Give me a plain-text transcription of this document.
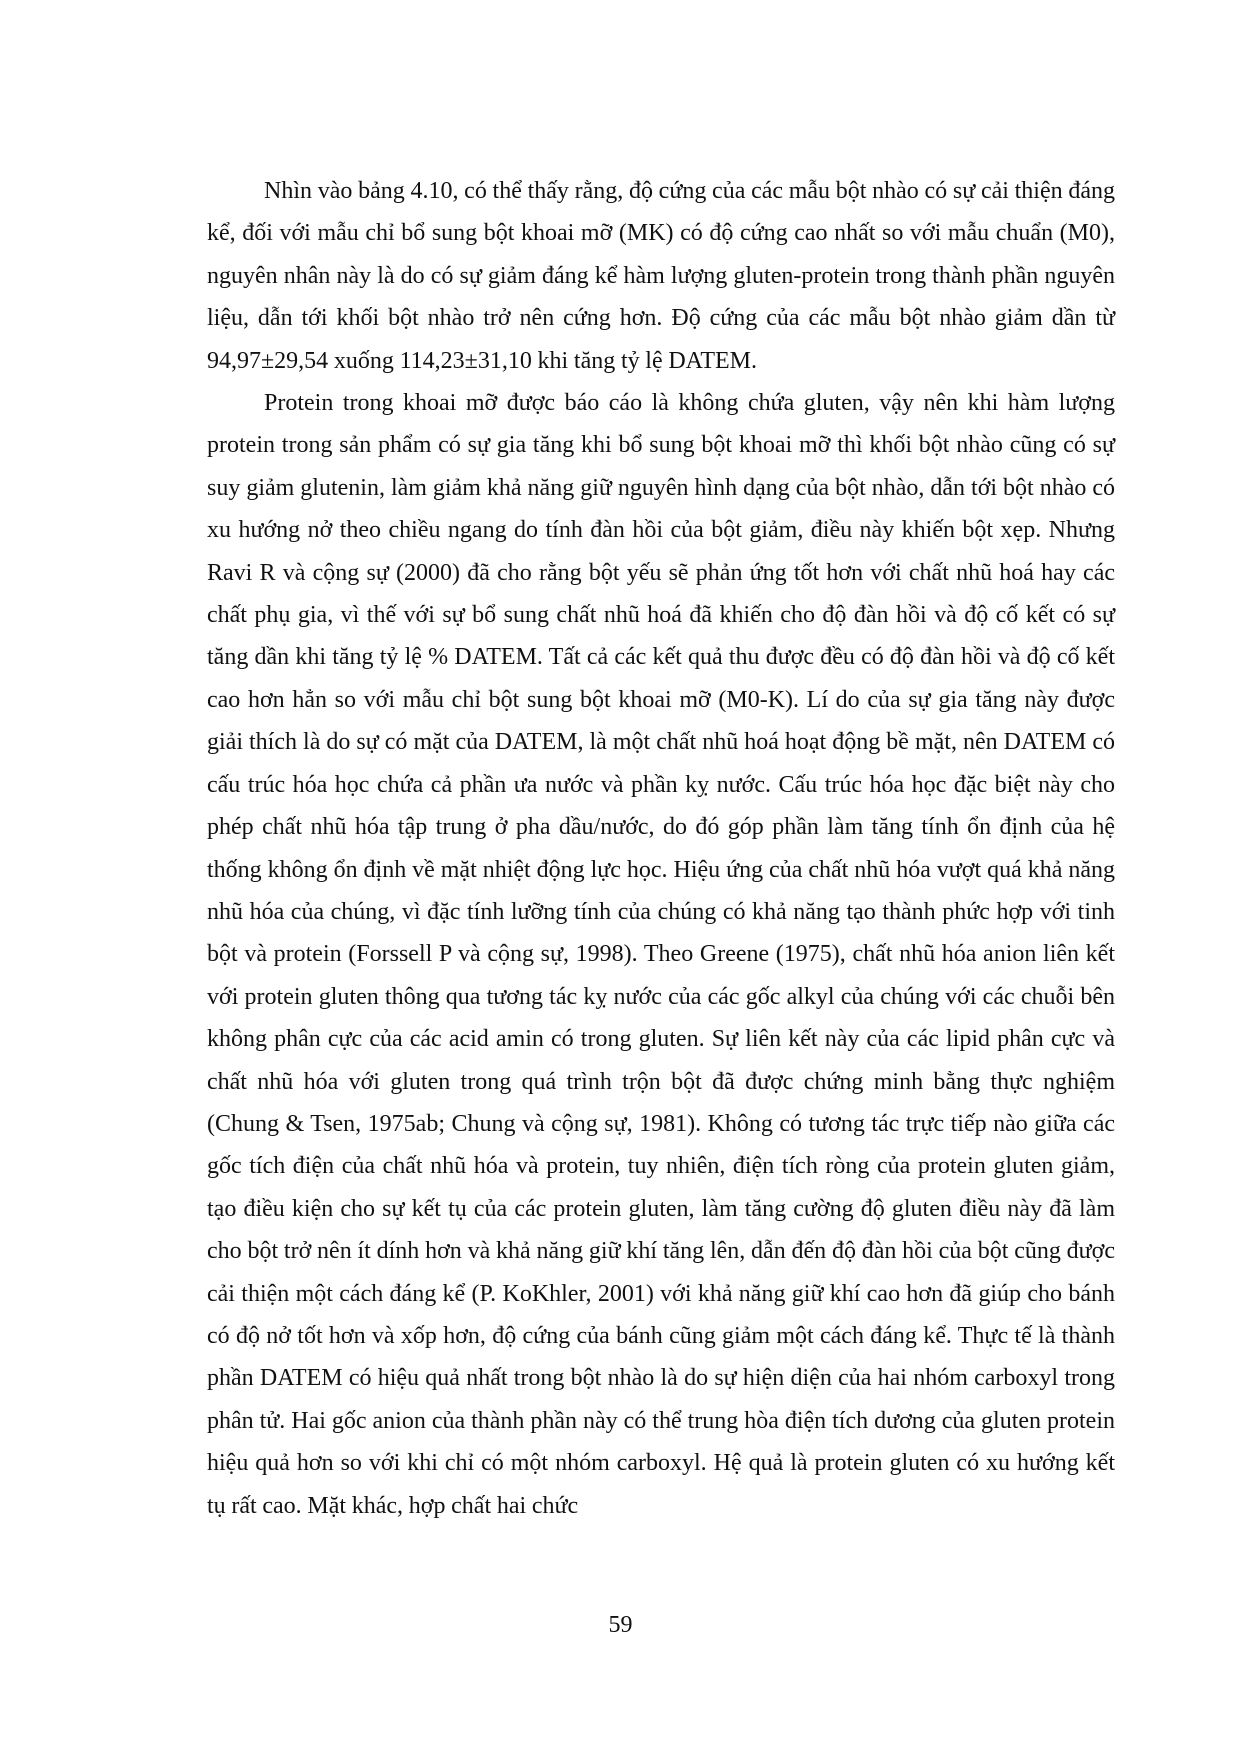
Nhìn vào bảng 4.10, có thể thấy rằng, độ cứng của các mẫu bột nhào có sự cải thiện đáng kể, đối với mẫu chỉ bổ sung bột khoai mỡ (MK) có độ cứng cao nhất so với mẫu chuẩn (M0), nguyên nhân này là do có sự giảm đáng kể hàm lượng gluten-protein trong thành phần nguyên liệu, dẫn tới khối bột nhào trở nên cứng hơn. Độ cứng của các mẫu bột nhào giảm dần từ 94,97±29,54 xuống 114,23±31,10 khi tăng tỷ lệ DATEM.

Protein trong khoai mỡ được báo cáo là không chứa gluten, vậy nên khi hàm lượng protein trong sản phẩm có sự gia tăng khi bổ sung bột khoai mỡ thì khối bột nhào cũng có sự suy giảm glutenin, làm giảm khả năng giữ nguyên hình dạng của bột nhào, dẫn tới bột nhào có xu hướng nở theo chiều ngang do tính đàn hồi của bột giảm, điều này khiến bột xẹp. Nhưng Ravi R và cộng sự (2000) đã cho rằng bột yếu sẽ phản ứng tốt hơn với chất nhũ hoá hay các chất phụ gia, vì thế với sự bổ sung chất nhũ hoá đã khiến cho độ đàn hồi và độ cố kết có sự tăng dần khi tăng tỷ lệ % DATEM. Tất cả các kết quả thu được đều có độ đàn hồi và độ cố kết cao hơn hẳn so với mẫu chỉ bột sung bột khoai mỡ (M0-K). Lí do của sự gia tăng này được giải thích là do sự có mặt của DATEM, là một chất nhũ hoá hoạt động bề mặt, nên DATEM có cấu trúc hóa học chứa cả phần ưa nước và phần kỵ nước. Cấu trúc hóa học đặc biệt này cho phép chất nhũ hóa tập trung ở pha dầu/nước, do đó góp phần làm tăng tính ổn định của hệ thống không ổn định về mặt nhiệt động lực học. Hiệu ứng của chất nhũ hóa vượt quá khả năng nhũ hóa của chúng, vì đặc tính lưỡng tính của chúng có khả năng tạo thành phức hợp với tinh bột và protein (Forssell P và cộng sự, 1998). Theo Greene (1975), chất nhũ hóa anion liên kết với protein gluten thông qua tương tác kỵ nước của các gốc alkyl của chúng với các chuỗi bên không phân cực của các acid amin có trong gluten. Sự liên kết này của các lipid phân cực và chất nhũ hóa với gluten trong quá trình trộn bột đã được chứng minh bằng thực nghiệm (Chung & Tsen, 1975ab; Chung và cộng sự, 1981). Không có tương tác trực tiếp nào giữa các gốc tích điện của chất nhũ hóa và protein, tuy nhiên, điện tích ròng của protein gluten giảm, tạo điều kiện cho sự kết tụ của các protein gluten, làm tăng cường độ gluten điều này đã làm cho bột trở nên ít dính hơn và khả năng giữ khí tăng lên, dẫn đến độ đàn hồi của bột cũng được cải thiện một cách đáng kể (P. KoKhler, 2001) với khả năng giữ khí cao hơn đã giúp cho bánh có độ nở tốt hơn và xốp hơn, độ cứng của bánh cũng giảm một cách đáng kể. Thực tế là thành phần DATEM có hiệu quả nhất trong bột nhào là do sự hiện diện của hai nhóm carboxyl trong phân tử. Hai gốc anion của thành phần này có thể trung hòa điện tích dương của gluten protein hiệu quả hơn so với khi chỉ có một nhóm carboxyl. Hệ quả là protein gluten có xu hướng kết tụ rất cao. Mặt khác, hợp chất hai chức

59
